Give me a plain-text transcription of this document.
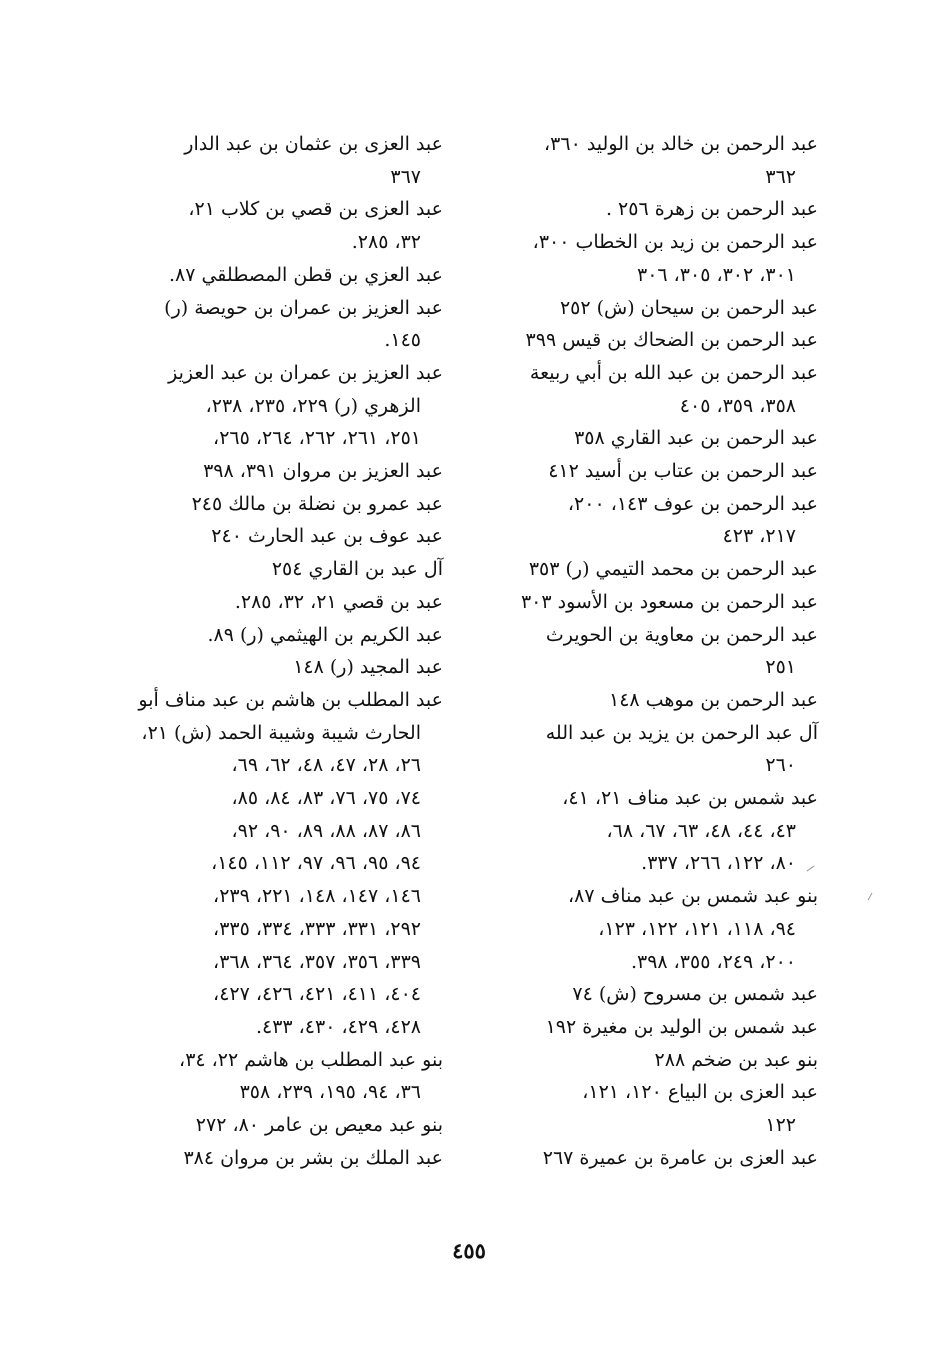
عبد الرحمن بن خالد بن الوليد ٣٦٠،
٣٦٢
عبد الرحمن بن زهرة ٢٥٦ .
عبد الرحمن بن زيد بن الخطاب ٣٠٠،
٣٠١، ٣٠٢، ٣٠٥، ٣٠٦
عبد الرحمن بن سيحان (ش) ٢٥٢
عبد الرحمن بن الضحاك بن قيس ٣٩٩
عبد الرحمن بن عبد الله بن أبي ربيعة
٣٥٨، ٣٥٩، ٤٠٥
عبد الرحمن بن عبد القاري ٣٥٨
عبد الرحمن بن عتاب بن أسيد ٤١٢
عبد الرحمن بن عوف ١٤٣، ٢٠٠،
٢١٧، ٤٢٣
عبد الرحمن بن محمد التيمي (ر) ٣٥٣
عبد الرحمن بن مسعود بن الأسود ٣٠٣
عبد الرحمن بن معاوية بن الحويرث
٢٥١
عبد الرحمن بن موهب ١٤٨
آل عبد الرحمن بن يزيد بن عبد الله
٢٦٠
عبد شمس بن عبد مناف ٢١، ٤١،
٤٣، ٤٤، ٤٨، ٦٣، ٦٧، ٦٨،
٨٠، ١٢٢، ٢٦٦، ٣٣٧.
بنو عبد شمس بن عبد مناف ٨٧،
٩٤، ١١٨، ١٢١، ١٢٢، ١٢٣،
٢٠٠، ٢٤٩، ٣٥٥، ٣٩٨.
عبد شمس بن مسروح (ش) ٧٤
عبد شمس بن الوليد بن مغيرة ١٩٢
بنو عبد بن ضخم ٢٨٨
عبد العزى بن البياع ١٢٠، ١٢١،
١٢٢
عبد العزى بن عامرة بن عميرة ٢٦٧
عبد العزى بن عثمان بن عبد الدار
٣٦٧
عبد العزى بن قصي بن كلاب ٢١،
٣٢، ٢٨٥.
عبد العزي بن قطن المصطلقي ٨٧.
عبد العزيز بن عمران بن حويصة (ر)
١٤٥.
عبد العزيز بن عمران بن عبد العزيز
الزهري (ر) ٢٢٩، ٢٣٥، ٢٣٨،
٢٥١، ٢٦١، ٢٦٢، ٢٦٤، ٢٦٥،
عبد العزيز بن مروان ٣٩١، ٣٩٨
عبد عمرو بن نضلة بن مالك ٢٤٥
عبد عوف بن عبد الحارث ٢٤٠
آل عبد بن القاري ٢٥٤
عبد بن قصي ٢١، ٣٢، ٢٨٥.
عبد الكريم بن الهيثمي (ر) ٨٩.
عبد المجيد (ر) ١٤٨
عبد المطلب بن هاشم بن عبد مناف أبو
الحارث شيبة وشيبة الحمد (ش) ٢١،
٢٦، ٢٨، ٤٧، ٤٨، ٦٢، ٦٩،
٧٤، ٧٥، ٧٦، ٨٣، ٨٤، ٨٥،
٨٦، ٨٧، ٨٨، ٨٩، ٩٠، ٩٢،
٩٤، ٩٥، ٩٦، ٩٧، ١١٢، ١٤٥،
١٤٦، ١٤٧، ١٤٨، ٢٢١، ٢٣٩،
٢٩٢، ٣٣١، ٣٣٣، ٣٣٤، ٣٣٥،
٣٣٩، ٣٥٦، ٣٥٧، ٣٦٤، ٣٦٨،
٤٠٤، ٤١١، ٤٢١، ٤٢٦، ٤٢٧،
٤٢٨، ٤٢٩، ٤٣٠، ٤٣٣.
بنو عبد المطلب بن هاشم ٢٢، ٣٤،
٣٦، ٩٤، ١٩٥، ٢٣٩، ٣٥٨
بنو عبد معيص بن عامر ٨٠، ٢٧٢
عبد الملك بن بشر بن مروان ٣٨٤
٤٥٥
